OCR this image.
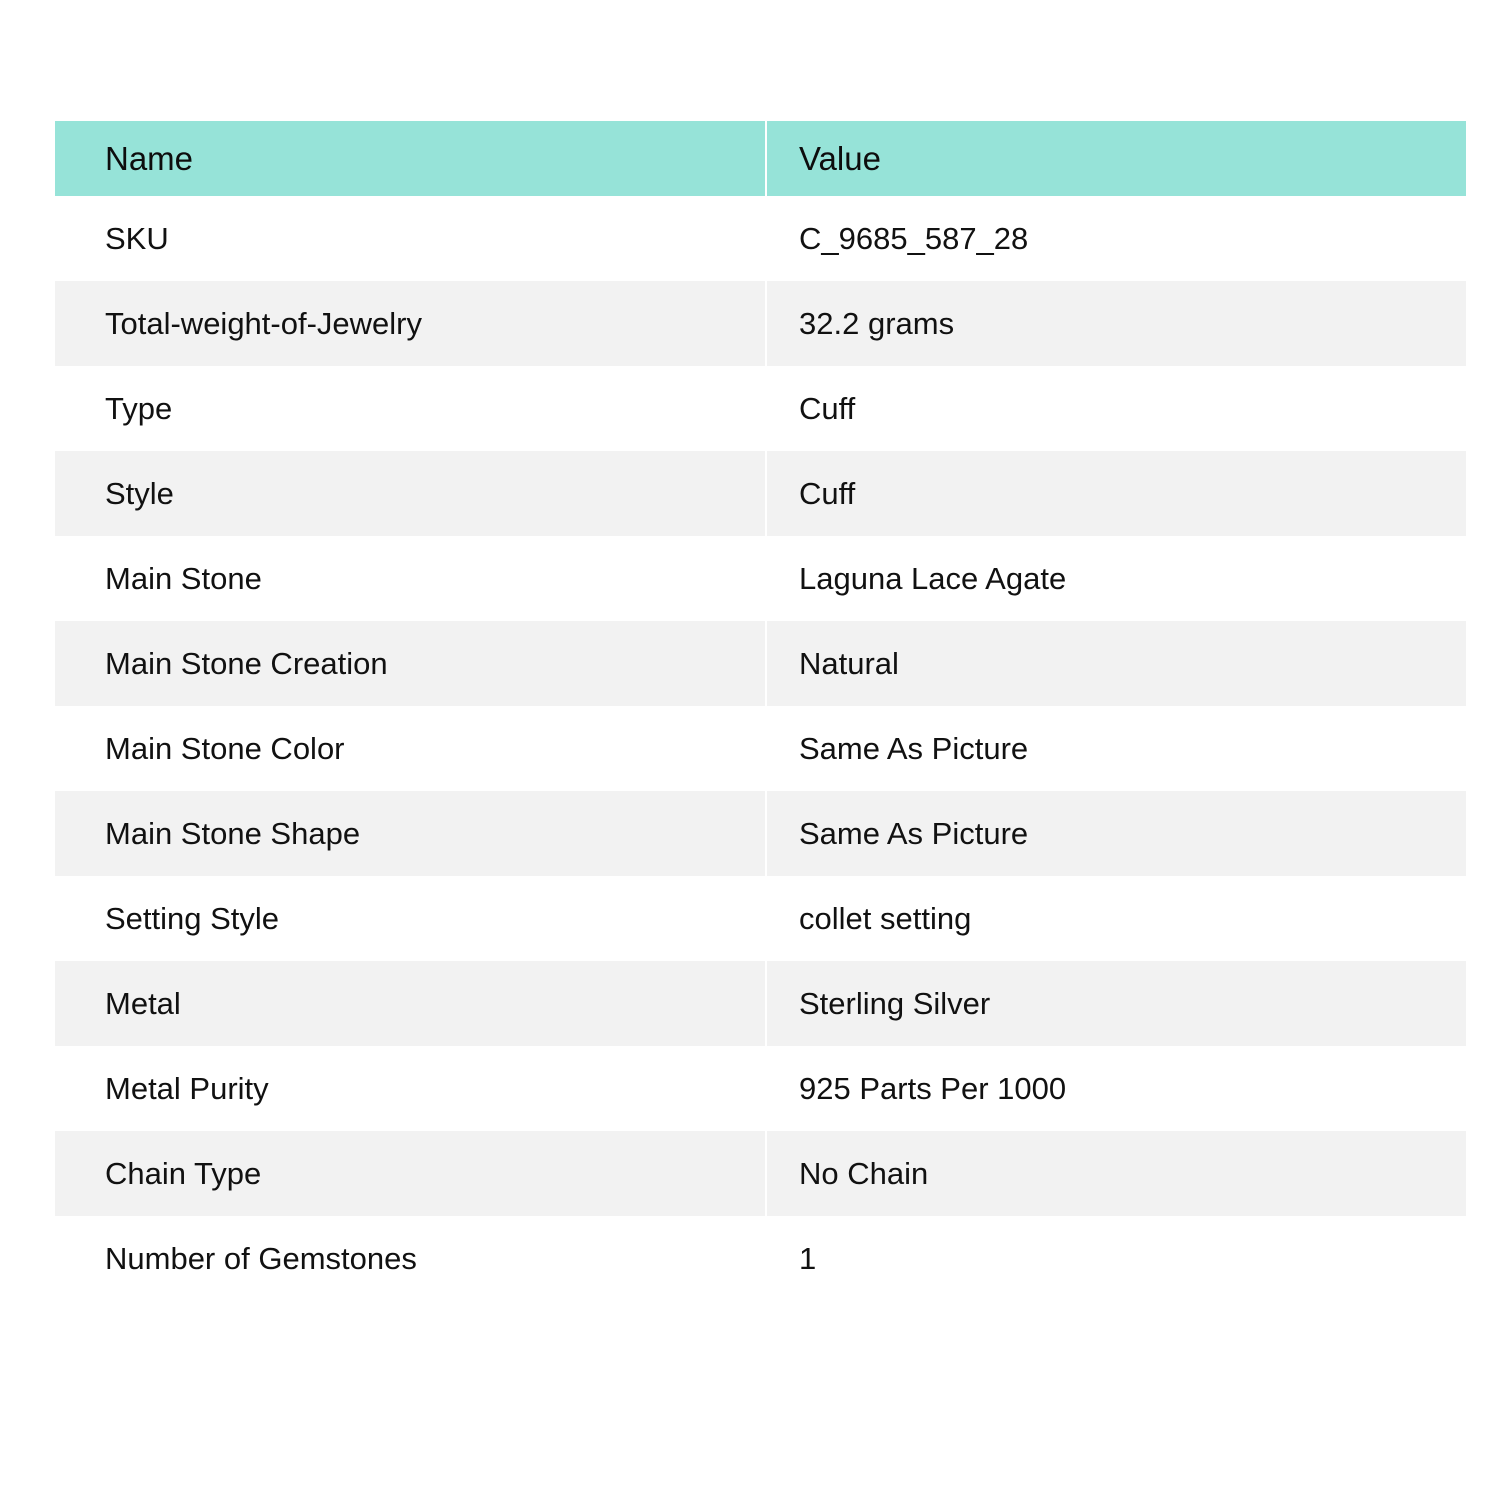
Name	Value
SKU	C_9685_587_28
Total-weight-of-Jewelry	32.2 grams
Type	Cuff
Style	Cuff
Main Stone	Laguna Lace Agate
Main Stone Creation	Natural
Main Stone Color	Same As Picture
Main Stone Shape	Same As Picture
Setting Style	collet setting
Metal	Sterling Silver
Metal Purity	925 Parts Per 1000
Chain Type	No Chain
Number of Gemstones	1
